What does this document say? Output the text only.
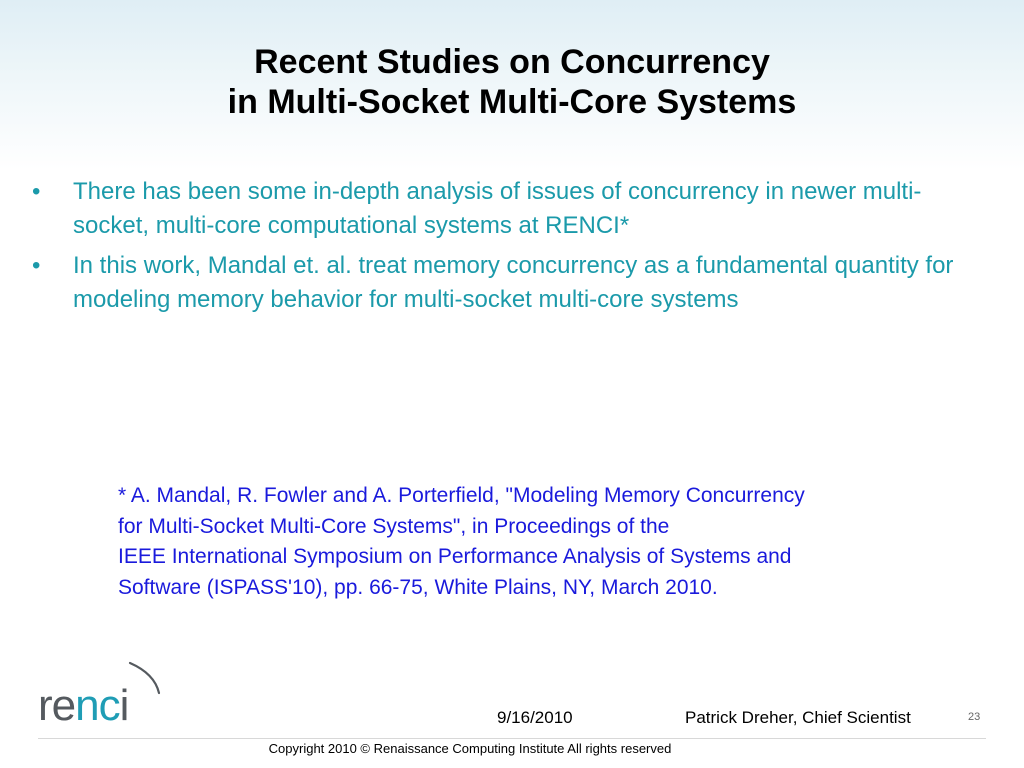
Recent Studies on Concurrency
in Multi-Socket Multi-Core Systems
• There has been some in-depth analysis of issues of concurrency in newer multi-socket, multi-core computational systems at RENCI*
• In this work, Mandal et. al. treat memory concurrency as a fundamental quantity for modeling memory behavior for multi-socket multi-core systems
* A. Mandal, R. Fowler and A. Porterfield, "Modeling Memory Concurrency
for Multi-Socket Multi-Core Systems", in Proceedings of the
IEEE International Symposium on Performance Analysis of Systems and
Software (ISPASS'10), pp. 66-75, White Plains, NY, March 2010.
renci	9/16/2010	Patrick Dreher, Chief Scientist	23
Copyright 2010 © Renaissance Computing Institute All rights reserved
